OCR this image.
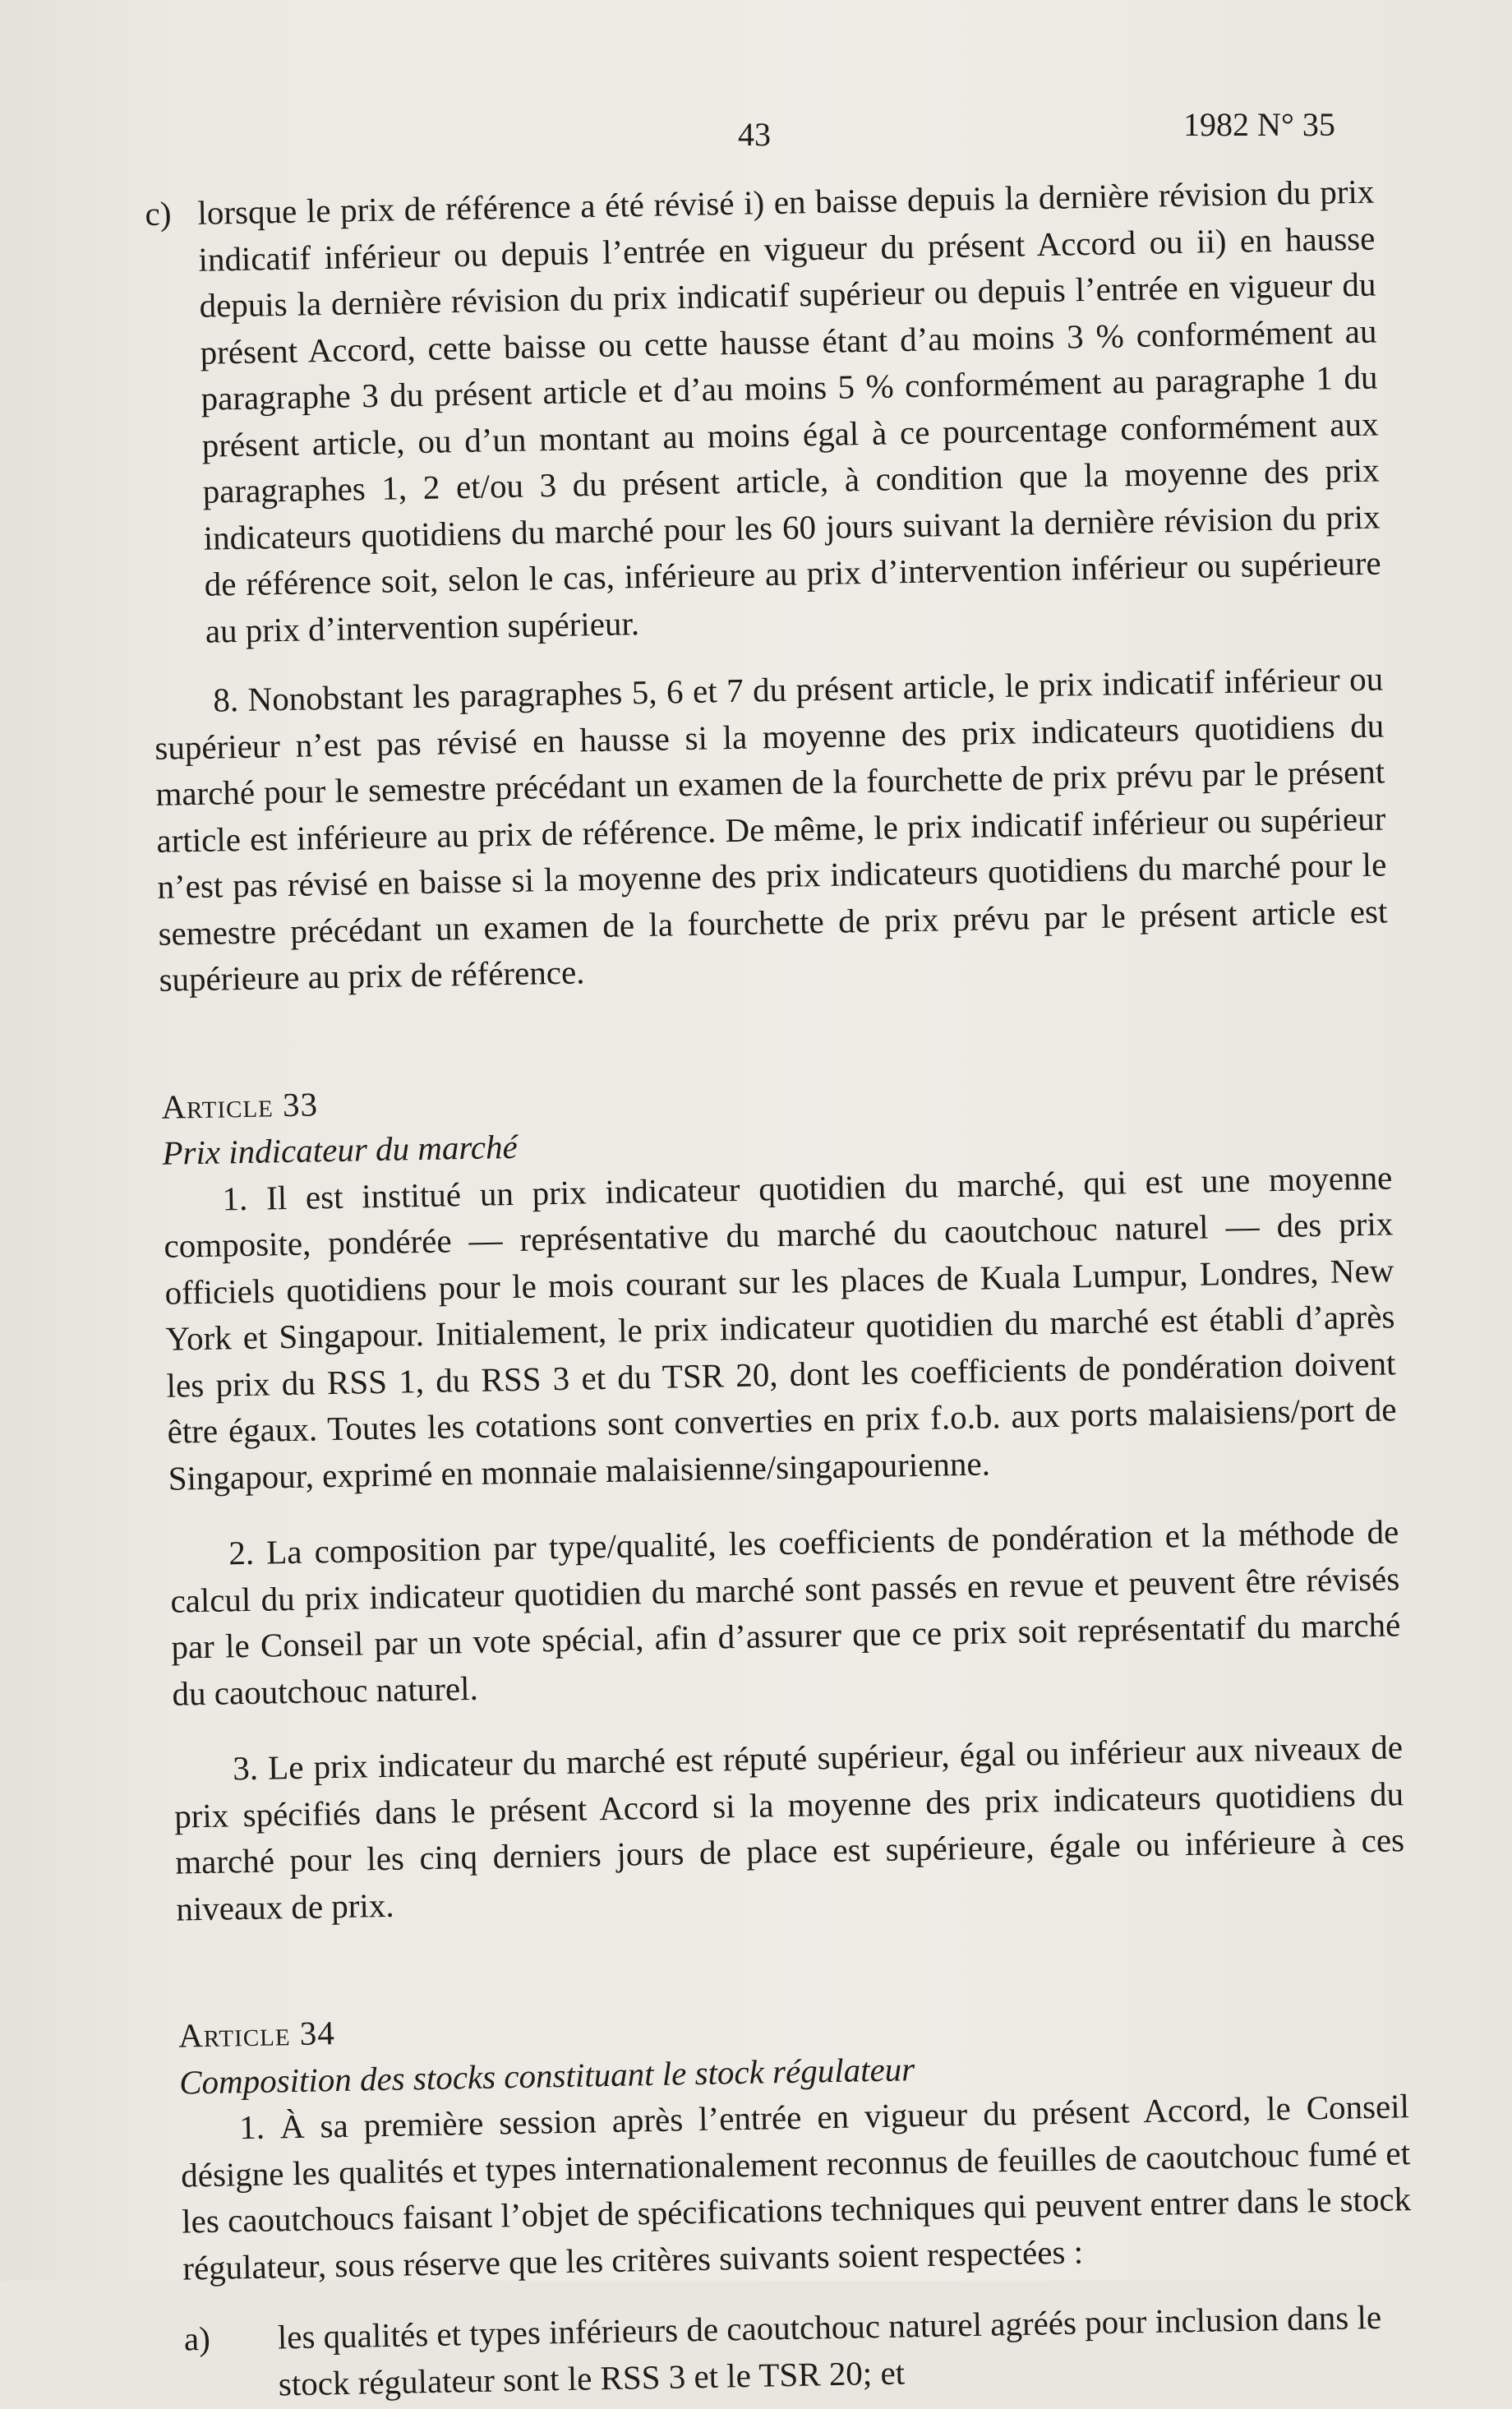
43	1982 N° 35
c) lorsque le prix de référence a été révisé i) en baisse depuis la dernière révision du prix indicatif inférieur ou depuis l’entrée en vigueur du présent Accord ou ii) en hausse depuis la dernière révision du prix indicatif supérieur ou depuis l’entrée en vigueur du présent Accord, cette baisse ou cette hausse étant d’au moins 3 % conformément au paragraphe 3 du présent article et d’au moins 5 % conformément au paragraphe 1 du présent article, ou d’un montant au moins égal à ce pourcentage conformément aux paragraphes 1, 2 et/ou 3 du présent article, à condition que la moyenne des prix indicateurs quotidiens du marché pour les 60 jours suivant la dernière révision du prix de référence soit, selon le cas, inférieure au prix d’intervention inférieur ou supérieure au prix d’intervention supérieur.

8. Nonobstant les paragraphes 5, 6 et 7 du présent article, le prix indicatif inférieur ou supérieur n’est pas révisé en hausse si la moyenne des prix indicateurs quotidiens du marché pour le semestre précédant un examen de la fourchette de prix prévu par le présent article est inférieure au prix de référence. De même, le prix indicatif inférieur ou supérieur n’est pas révisé en baisse si la moyenne des prix indicateurs quotidiens du marché pour le semestre précédant un examen de la fourchette de prix prévu par le présent article est supérieure au prix de référence.

Article 33

Prix indicateur du marché

1. Il est institué un prix indicateur quotidien du marché, qui est une moyenne composite, pondérée — représentative du marché du caoutchouc naturel — des prix officiels quotidiens pour le mois courant sur les places de Kuala Lumpur, Londres, New York et Singapour. Initialement, le prix indicateur quotidien du marché est établi d’après les prix du RSS 1, du RSS 3 et du TSR 20, dont les coefficients de pondération doivent être égaux. Toutes les cotations sont converties en prix f.o.b. aux ports malaisiens/port de Singapour, exprimé en monnaie malaisienne/singapourienne.

2. La composition par type/qualité, les coefficients de pondération et la méthode de calcul du prix indicateur quotidien du marché sont passés en revue et peuvent être révisés par le Conseil par un vote spécial, afin d’assurer que ce prix soit représentatif du marché du caoutchouc naturel.

3. Le prix indicateur du marché est réputé supérieur, égal ou inférieur aux niveaux de prix spécifiés dans le présent Accord si la moyenne des prix indicateurs quotidiens du marché pour les cinq derniers jours de place est supérieure, égale ou inférieure à ces niveaux de prix.

Article 34

Composition des stocks constituant le stock régulateur

1. À sa première session après l’entrée en vigueur du présent Accord, le Conseil désigne les qualités et types internationalement reconnus de feuilles de caoutchouc fumé et les caoutchoucs faisant l’objet de spécifications techniques qui peuvent entrer dans le stock régulateur, sous réserve que les critères suivants soient respectées :

a)	les qualités et types inférieurs de caoutchouc naturel agréés pour inclusion dans le stock régulateur sont le RSS 3 et le TSR 20; et
